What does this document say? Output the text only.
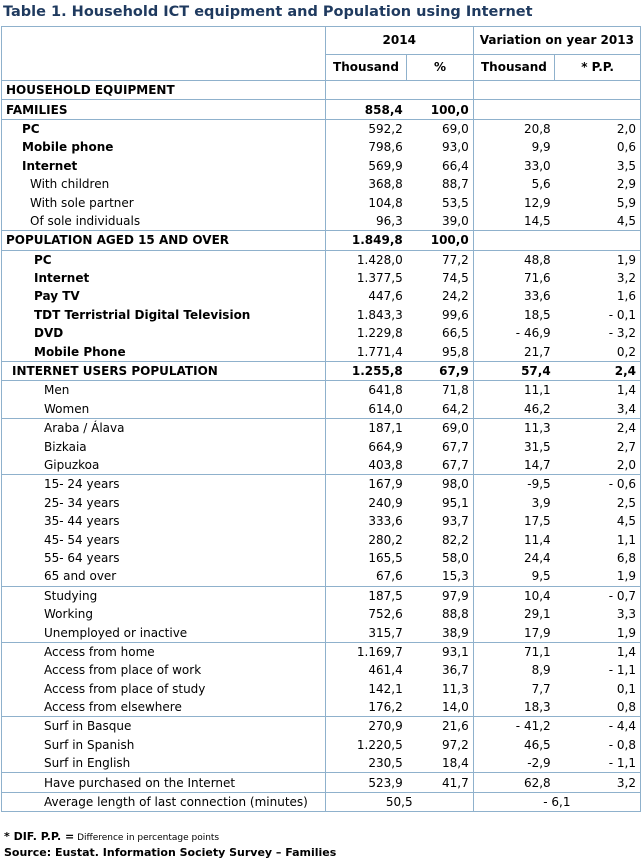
Table 1. Household ICT equipment and Population using Internet
	2014		Variation on year 2013	
	Thousand	%	Thousand	* P.P.
HOUSEHOLD EQUIPMENT				
FAMILIES	858,4	100,0		
PC	592,2	69,0	20,8	2,0
Mobile phone	798,6	93,0	9,9	0,6
Internet	569,9	66,4	33,0	3,5
With children	368,8	88,7	5,6	2,9
With sole partner	104,8	53,5	12,9	5,9
Of sole individuals	96,3	39,0	14,5	4,5
POPULATION AGED 15 AND OVER	1.849,8	100,0		
PC	1.428,0	77,2	48,8	1,9
Internet	1.377,5	74,5	71,6	3,2
Pay TV	447,6	24,2	33,6	1,6
TDT Terristrial Digital Television	1.843,3	99,6	18,5	- 0,1
DVD	1.229,8	66,5	- 46,9	- 3,2
Mobile Phone	1.771,4	95,8	21,7	0,2
INTERNET USERS POPULATION	1.255,8	67,9	57,4	2,4
Men	641,8	71,8	11,1	1,4
Women	614,0	64,2	46,2	3,4
Araba / Álava	187,1	69,0	11,3	2,4
Bizkaia	664,9	67,7	31,5	2,7
Gipuzkoa	403,8	67,7	14,7	2,0
15- 24 years	167,9	98,0	-9,5	- 0,6
25- 34 years	240,9	95,1	3,9	2,5
35- 44 years	333,6	93,7	17,5	4,5
45- 54 years	280,2	82,2	11,4	1,1
55- 64 years	165,5	58,0	24,4	6,8
65 and over	67,6	15,3	9,5	1,9
Studying	187,5	97,9	10,4	- 0,7
Working	752,6	88,8	29,1	3,3
Unemployed or inactive	315,7	38,9	17,9	1,9
Access from home	1.169,7	93,1	71,1	1,4
Access from place of work	461,4	36,7	8,9	- 1,1
Access from place of study	142,1	11,3	7,7	0,1
Access from elsewhere	176,2	14,0	18,3	0,8
Surf in Basque	270,9	21,6	- 41,2	- 4,4
Surf in Spanish	1.220,5	97,2	46,5	- 0,8
Surf in English	230,5	18,4	-2,9	- 1,1
Have purchased on the Internet	523,9	41,7	62,8	3,2
Average length of last connection (minutes)	50,5		- 6,1	
* DIF. P.P. = Difference in percentage points
Source: Eustat. Information Society Survey – Families
